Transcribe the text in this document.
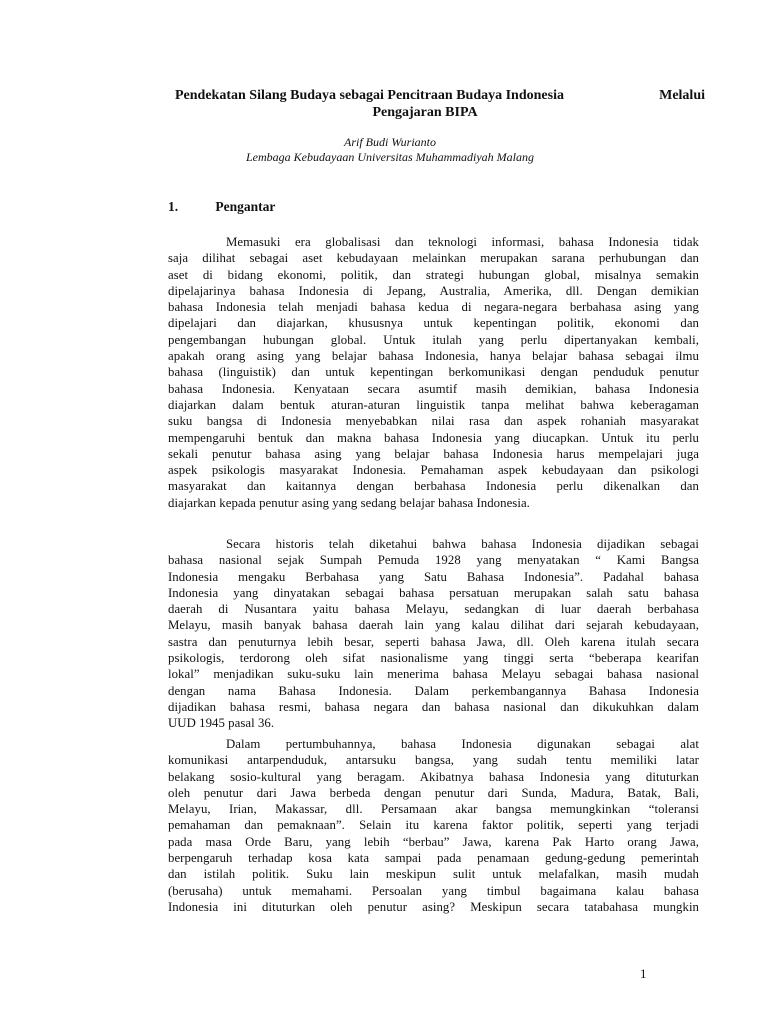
Pendekatan Silang Budaya sebagai Pencitraan Budaya Indonesia	Melalui
Pengajaran BIPA
Arif Budi Wurianto
Lembaga Kebudayaan Universitas Muhammadiyah Malang
1.	Pengantar
Memasuki era globalisasi dan teknologi informasi, bahasa Indonesia tidak
saja dilihat sebagai aset kebudayaan melainkan merupakan sarana perhubungan dan
aset di bidang ekonomi, politik, dan strategi hubungan global, misalnya semakin
dipelajarinya bahasa Indonesia di Jepang, Australia, Amerika, dll. Dengan demikian
bahasa Indonesia telah menjadi bahasa kedua di negara-negara berbahasa asing yang
dipelajari dan diajarkan, khususnya untuk kepentingan politik, ekonomi dan
pengembangan hubungan global. Untuk itulah yang perlu dipertanyakan kembali,
apakah orang asing yang belajar bahasa Indonesia, hanya belajar bahasa sebagai ilmu
bahasa (linguistik) dan untuk kepentingan berkomunikasi dengan penduduk penutur
bahasa Indonesia. Kenyataan secara asumtif masih demikian, bahasa Indonesia
diajarkan dalam bentuk aturan-aturan linguistik tanpa melihat bahwa keberagaman
suku bangsa di Indonesia menyebabkan nilai rasa dan aspek rohaniah masyarakat
mempengaruhi bentuk dan makna bahasa Indonesia yang diucapkan. Untuk itu perlu
sekali penutur bahasa asing yang belajar bahasa Indonesia harus mempelajari juga
aspek psikologis masyarakat Indonesia. Pemahaman aspek kebudayaan dan psikologi
masyarakat dan kaitannya dengan berbahasa Indonesia perlu dikenalkan dan
diajarkan kepada penutur asing yang sedang belajar bahasa Indonesia.
Secara historis telah diketahui bahwa bahasa Indonesia dijadikan sebagai
bahasa nasional sejak Sumpah Pemuda 1928 yang menyatakan “ Kami Bangsa
Indonesia mengaku Berbahasa yang Satu Bahasa Indonesia”. Padahal bahasa
Indonesia yang dinyatakan sebagai bahasa persatuan merupakan salah satu bahasa
daerah di Nusantara yaitu bahasa Melayu, sedangkan di luar daerah berbahasa
Melayu, masih banyak bahasa daerah lain yang kalau dilihat dari sejarah kebudayaan,
sastra dan penuturnya lebih besar, seperti bahasa Jawa, dll. Oleh karena itulah secara
psikologis, terdorong oleh sifat nasionalisme yang tinggi serta “beberapa kearifan
lokal” menjadikan suku-suku lain menerima bahasa Melayu sebagai bahasa nasional
dengan nama Bahasa Indonesia. Dalam perkembangannya Bahasa Indonesia
dijadikan bahasa resmi, bahasa negara dan bahasa nasional dan dikukuhkan dalam
UUD 1945 pasal 36.
Dalam pertumbuhannya, bahasa Indonesia digunakan sebagai alat
komunikasi antarpenduduk, antarsuku bangsa, yang sudah tentu memiliki latar
belakang sosio-kultural yang beragam. Akibatnya bahasa Indonesia yang dituturkan
oleh penutur dari Jawa berbeda dengan penutur dari Sunda, Madura, Batak, Bali,
Melayu, Irian, Makassar, dll. Persamaan akar bangsa memungkinkan “toleransi
pemahaman dan pemaknaan”. Selain itu karena faktor politik, seperti yang terjadi
pada masa Orde Baru, yang lebih “berbau” Jawa, karena Pak Harto orang Jawa,
berpengaruh terhadap kosa kata sampai pada penamaan gedung-gedung pemerintah
dan istilah politik. Suku lain meskipun sulit untuk melafalkan, masih mudah
(berusaha) untuk memahami. Persoalan yang timbul bagaimana kalau bahasa
Indonesia ini dituturkan oleh penutur asing? Meskipun secara tatabahasa mungkin
1
